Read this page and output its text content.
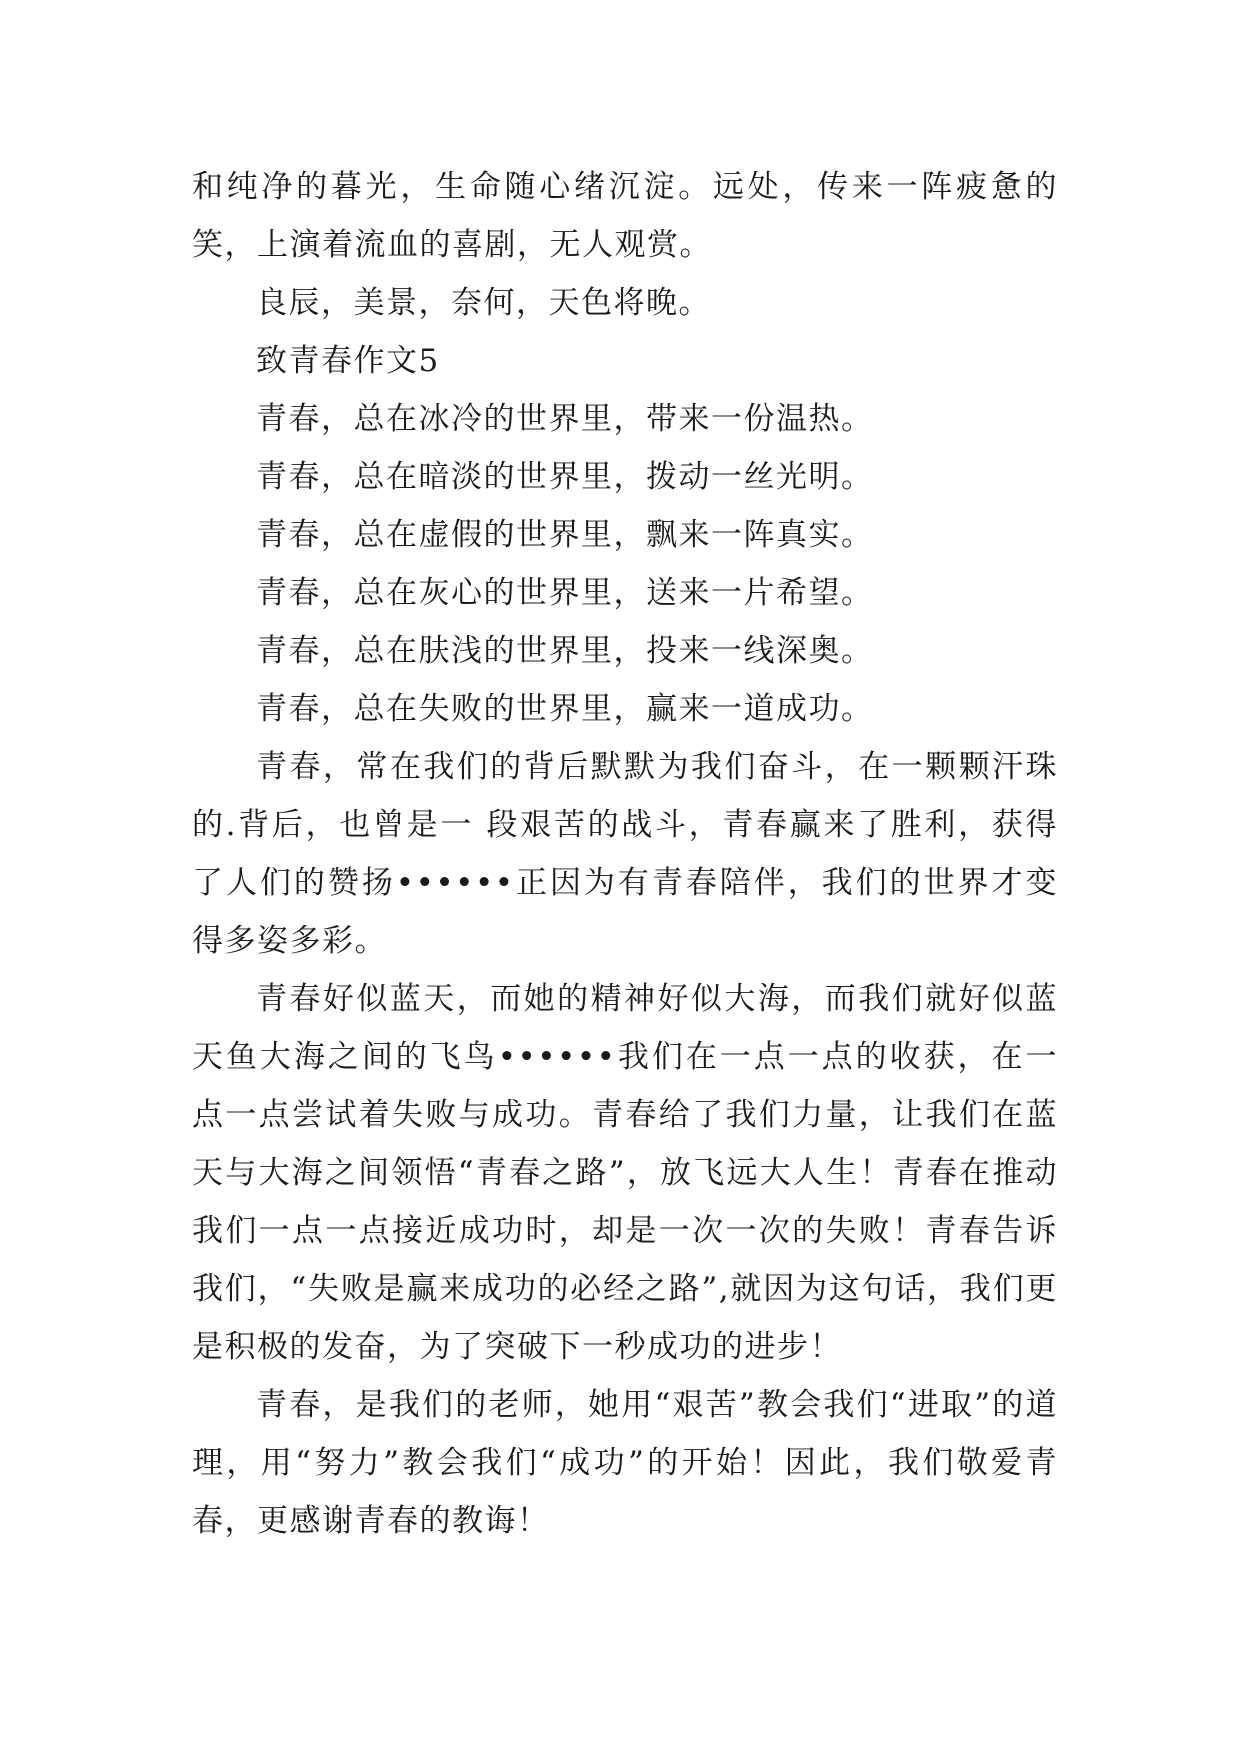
和纯净的暮光，生命随心绪沉淀。远处，传来一阵疲惫的笑，上演着流血的喜剧，无人观赏。

良辰，美景，奈何，天色将晚。

致青春作文5

青春，总在冰冷的世界里，带来一份温热。

青春，总在暗淡的世界里，拨动一丝光明。

青春，总在虚假的世界里，飘来一阵真实。

青春，总在灰心的世界里，送来一片希望。

青春，总在肤浅的世界里，投来一线深奥。

青春，总在失败的世界里，赢来一道成功。

青春，常在我们的背后默默为我们奋斗，在一颗颗汗珠的.背后，也曾是一 段艰苦的战斗，青春赢来了胜利，获得了人们的赞扬••••••正因为有青春陪伴，我们的世界才变得多姿多彩。

青春好似蓝天，而她的精神好似大海，而我们就好似蓝天鱼大海之间的飞鸟••••••我们在一点一点的收获，在一点一点尝试着失败与成功。青春给了我们力量，让我们在蓝天与大海之间领悟“青春之路”，放飞远大人生！青春在推动我们一点一点接近成功时，却是一次一次的失败！青春告诉我们，“失败是赢来成功的必经之路”,就因为这句话，我们更是积极的发奋，为了突破下一秒成功的进步！

青春，是我们的老师，她用“艰苦”教会我们“进取”的道理，用“努力”教会我们“成功”的开始！因此，我们敬爱青春，更感谢青春的教诲！
